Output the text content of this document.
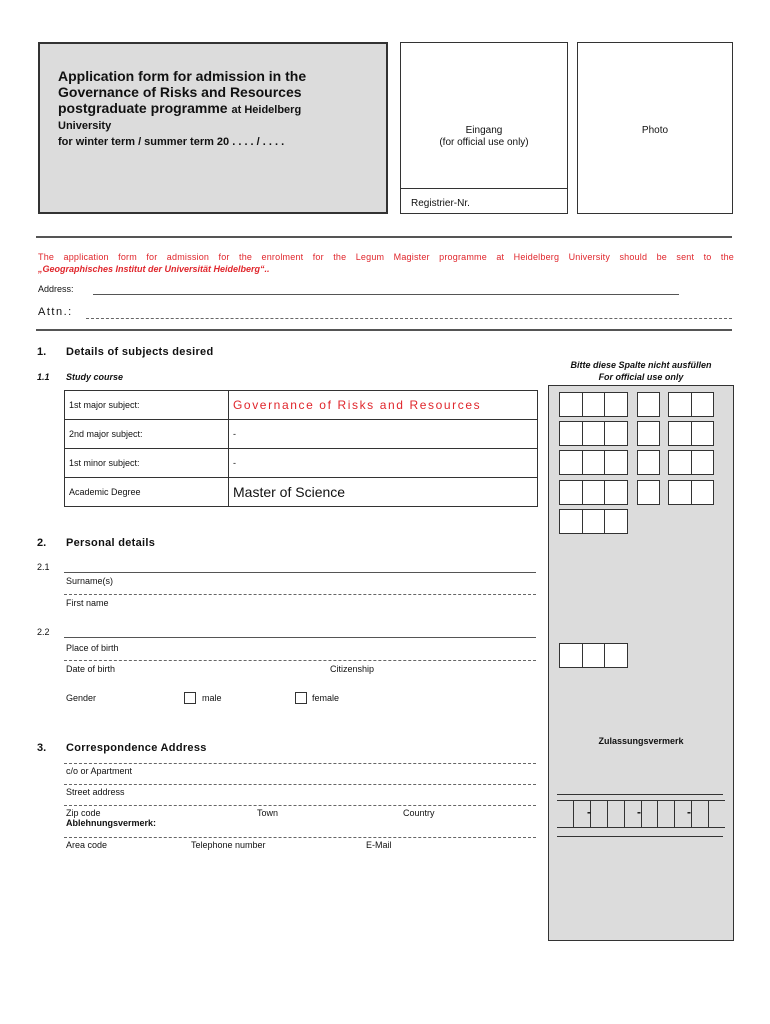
Application form for admission in the
Governance of Risks and Resources
postgraduate programme at Heidelberg
University
for winter term / summer term 20 . . . . / . . . .
Eingang
(for official use only)
Registrier-Nr.
Photo
The application form for admission for the enrolment for the Legum Magister programme at Heidelberg University should be sent to the
„Geographisches Institut der Universität Heidelberg“..
Address:
Attn.:
1. Details of subjects desired
1.1 Study course
1st major subject:	Governance of Risks and Resources
2nd major subject:	-
1st minor subject:	-
Academic Degree	Master of Science
2. Personal details
2.1
Surname(s)
First name
2.2
Place of birth
Date of birth	Citizenship
Gender	male	female
3. Correspondence Address
c/o or Apartment
Street address
Zip code	Town	Country
Ablehnungsvermerk:
Area code	Telephone number	E-Mail
Bitte diese Spalte nicht ausfüllen
For official use only
Zulassungsvermerk
-	-	-
